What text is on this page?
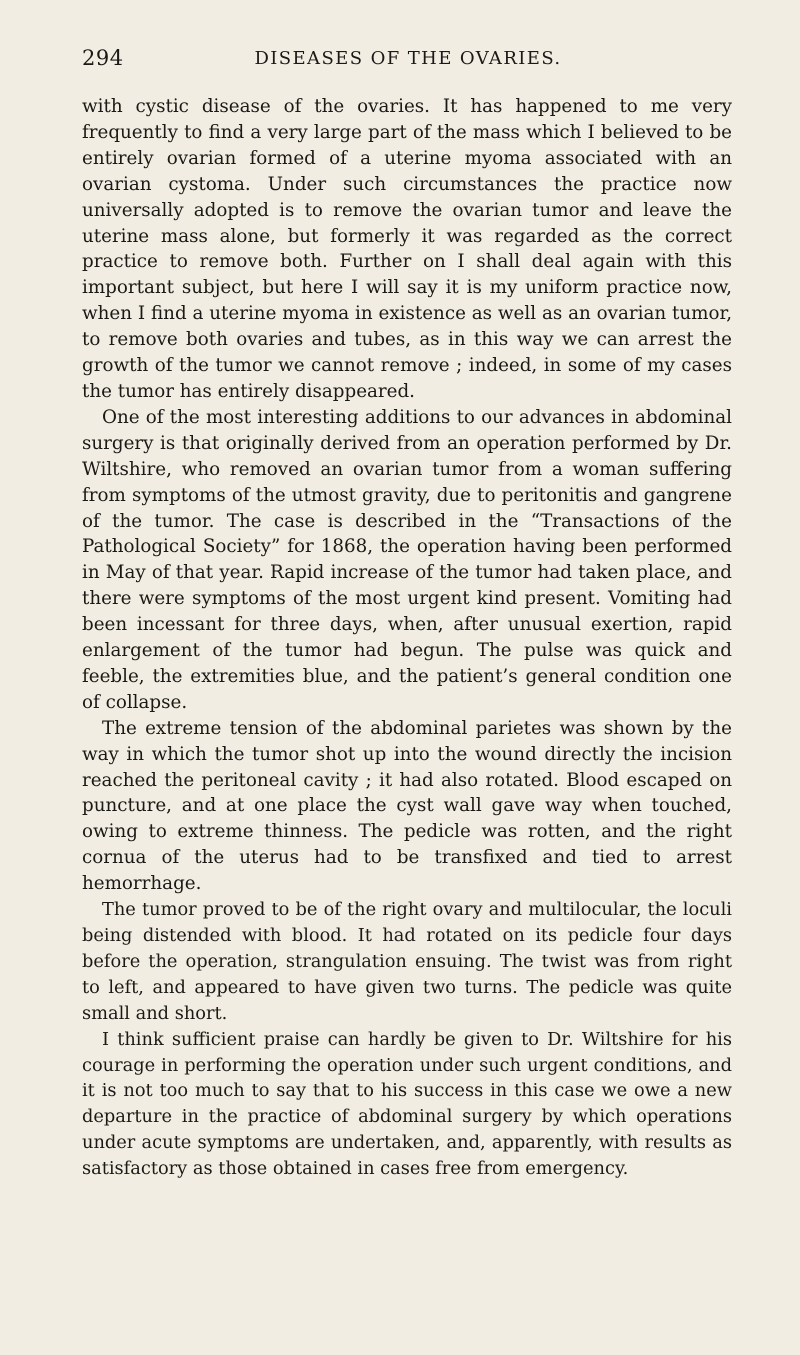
294	DISEASES OF THE OVARIES.

with cystic disease of the ovaries. It has happened to me very frequently to find a very large part of the mass which I believed to be entirely ovarian formed of a uterine myoma associated with an ovarian cystoma. Under such circumstances the practice now universally adopted is to remove the ovarian tumor and leave the uterine mass alone, but formerly it was regarded as the correct practice to remove both. Further on I shall deal again with this important subject, but here I will say it is my uniform practice now, when I find a uterine myoma in existence as well as an ovarian tumor, to remove both ovaries and tubes, as in this way we can arrest the growth of the tumor we cannot remove ; indeed, in some of my cases the tumor has entirely disappeared.

One of the most interesting additions to our advances in abdominal surgery is that originally derived from an operation performed by Dr. Wiltshire, who removed an ovarian tumor from a woman suffering from symptoms of the utmost gravity, due to peritonitis and gangrene of the tumor. The case is described in the “Transactions of the Pathological Society” for 1868, the operation having been performed in May of that year. Rapid increase of the tumor had taken place, and there were symptoms of the most urgent kind present. Vomiting had been incessant for three days, when, after unusual exertion, rapid enlargement of the tumor had begun. The pulse was quick and feeble, the extremities blue, and the patient’s general condition one of collapse.

The extreme tension of the abdominal parietes was shown by the way in which the tumor shot up into the wound directly the incision reached the peritoneal cavity ; it had also rotated. Blood escaped on puncture, and at one place the cyst wall gave way when touched, owing to extreme thinness. The pedicle was rotten, and the right cornua of the uterus had to be transfixed and tied to arrest hemorrhage.

The tumor proved to be of the right ovary and multilocular, the loculi being distended with blood. It had rotated on its pedicle four days before the operation, strangulation ensuing. The twist was from right to left, and appeared to have given two turns. The pedicle was quite small and short.

I think sufficient praise can hardly be given to Dr. Wiltshire for his courage in performing the operation under such urgent conditions, and it is not too much to say that to his success in this case we owe a new departure in the practice of abdominal surgery by which operations under acute symptoms are undertaken, and, apparently, with results as satisfactory as those obtained in cases free from emergency.
